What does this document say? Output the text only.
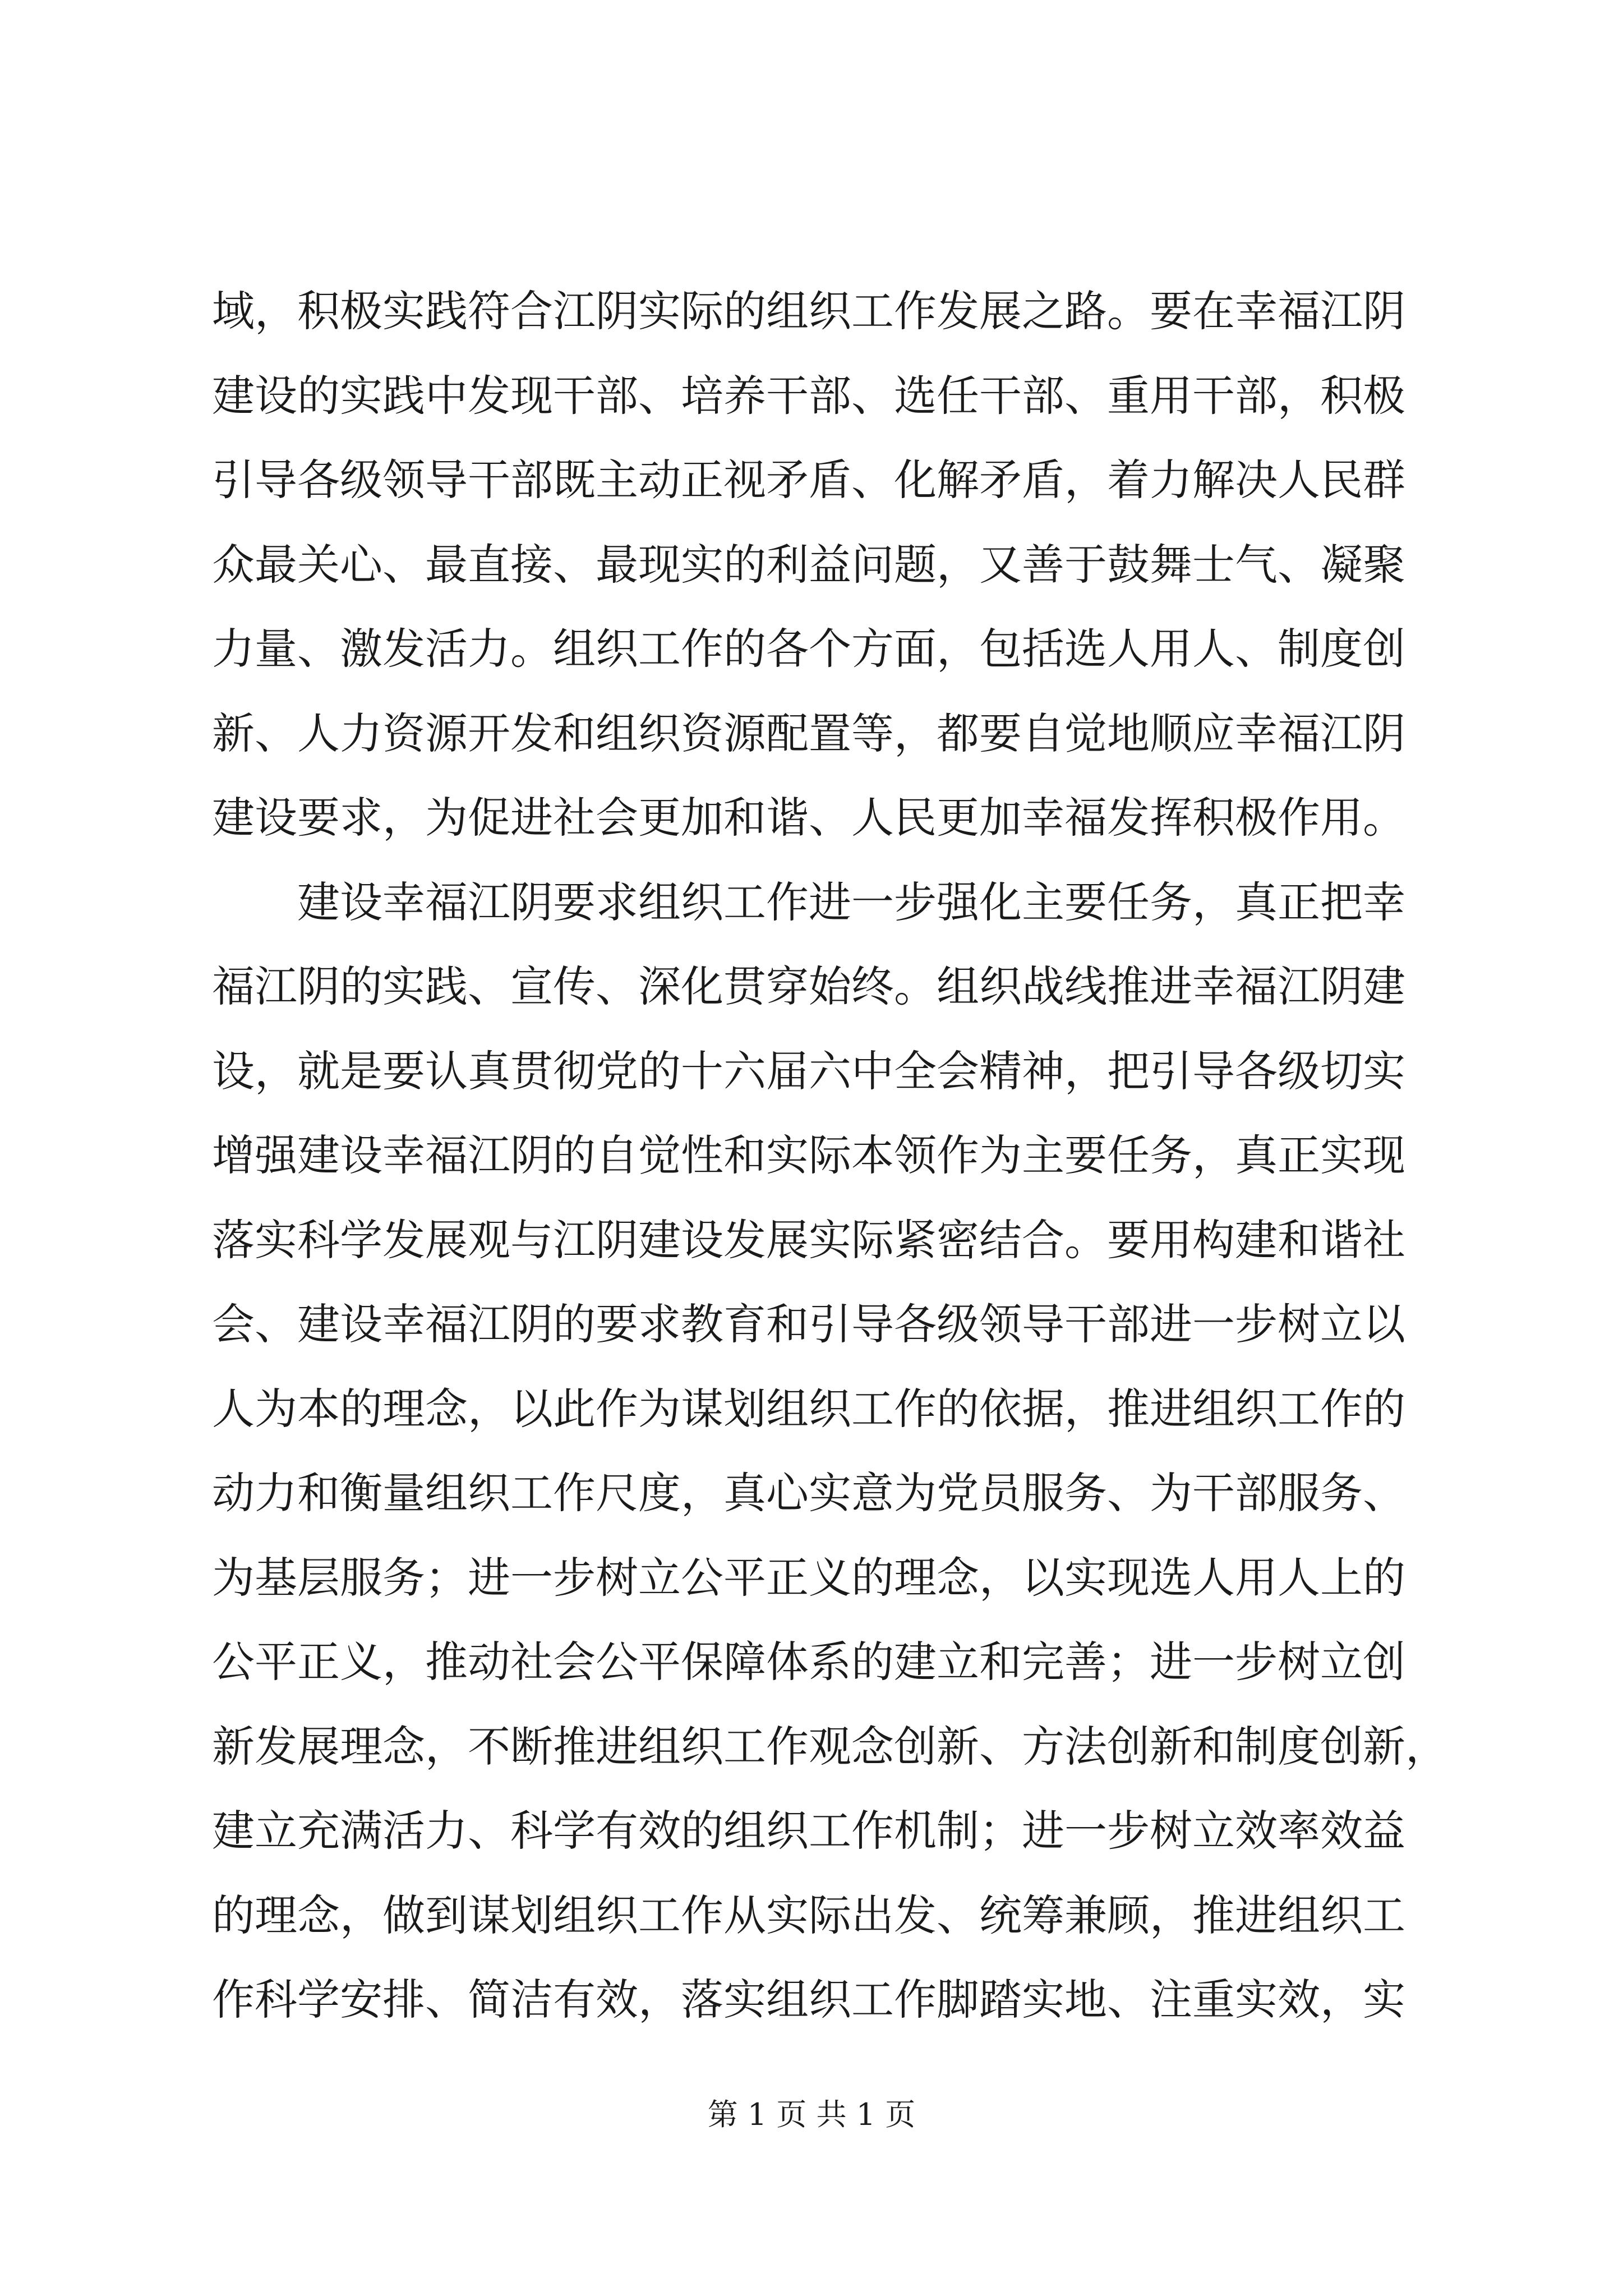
域，积极实践符合江阴实际的组织工作发展之路。要在幸福江阴
建设的实践中发现干部、培养干部、选任干部、重用干部，积极
引导各级领导干部既主动正视矛盾、化解矛盾，着力解决人民群
众最关心、最直接、最现实的利益问题，又善于鼓舞士气、凝聚
力量、激发活力。组织工作的各个方面，包括选人用人、制度创
新、人力资源开发和组织资源配置等，都要自觉地顺应幸福江阴
建设要求，为促进社会更加和谐、人民更加幸福发挥积极作用。
建设幸福江阴要求组织工作进一步强化主要任务，真正把幸
福江阴的实践、宣传、深化贯穿始终。组织战线推进幸福江阴建
设，就是要认真贯彻党的十六届六中全会精神，把引导各级切实
增强建设幸福江阴的自觉性和实际本领作为主要任务，真正实现
落实科学发展观与江阴建设发展实际紧密结合。要用构建和谐社
会、建设幸福江阴的要求教育和引导各级领导干部进一步树立以
人为本的理念，以此作为谋划组织工作的依据，推进组织工作的
动力和衡量组织工作尺度，真心实意为党员服务、为干部服务、
为基层服务；进一步树立公平正义的理念，以实现选人用人上的
公平正义，推动社会公平保障体系的建立和完善；进一步树立创
新发展理念，不断推进组织工作观念创新、方法创新和制度创新，
建立充满活力、科学有效的组织工作机制；进一步树立效率效益
的理念，做到谋划组织工作从实际出发、统筹兼顾，推进组织工
作科学安排、简洁有效，落实组织工作脚踏实地、注重实效，实
第 1 页 共 1 页
